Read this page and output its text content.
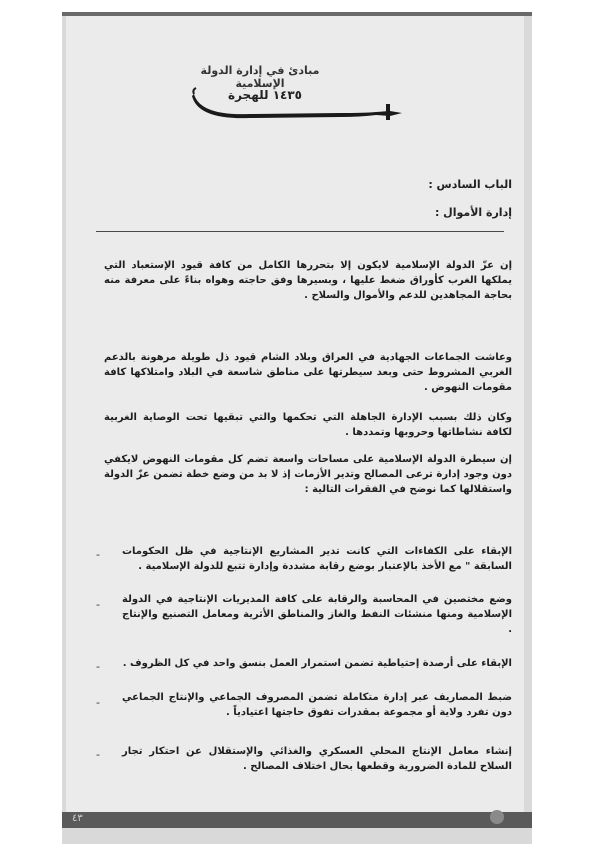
مبادئ في إدارة الدولة الإسلامية
١٤٣٥ للهجرة
الباب السادس :
إدارة الأموال :
إن عزّ الدولة الإسلامية لايكون إلا بتحررها الكامل من كافة قيود الإستعباد التي يملكها الغرب كأوراق ضغط عليها ، وبسيرها وفق حاجته وهواه بناءً على معرفة منه بحاجة المجاهدين للدعم والأموال والسلاح .
وعاشت الجماعات الجهادية في العراق وبلاد الشام قيود ذل طويلة مرهونة بالدعم الغربي المشروط حتى وبعد سيطرتها على مناطق شاسعة في البلاد وامتلاكها كافة مقومات النهوض .
وكان ذلك بسبب الإدارة الجاهلة التي تحكمها والتي تبقيها تحت الوصاية الغربية لكافة نشاطاتها وحروبها وتمددها .
إن سيطرة الدولة الإسلامية على مساحات واسعة تضم كل مقومات النهوض لايكفي دون وجود إدارة ترعى المصالح وتدير الأزمات إذ لا بد من وضع خطة تضمن عزّ الدولة واستقلالها كما نوضح في الفقرات التالية :
الإبقاء على الكفاءات التي كانت تدير المشاريع الإنتاجية في ظل الحكومات السابقة " مع الأخذ بالإعتبار بوضع رقابة مشددة وإدارة تتبع للدولة الإسلامية .
-
وضع مختصين في المحاسبة والرقابة على كافة المديريات الإنتاجية في الدولة الإسلامية ومنها منشئات النفط والغاز والمناطق الأثرية ومعامل التصنيع والإنتاج .
-
الإبقاء على أرصدة إحتياطية تضمن استمرار العمل بنسق واحد في كل الظروف .
-
ضبط المصاريف عبر إدارة متكاملة تضمن المصروف الجماعي والإنتاج الجماعي دون تفرد ولاية أو مجموعة بمقدرات تفوق حاجتها اعتيادياً .
-
إنشاء معامل الإنتاج المحلي العسكري والغذائي والإستقلال عن احتكار تجار السلاح للمادة الضرورية وقطعها بحال اختلاف المصالح .
-
٤٣
